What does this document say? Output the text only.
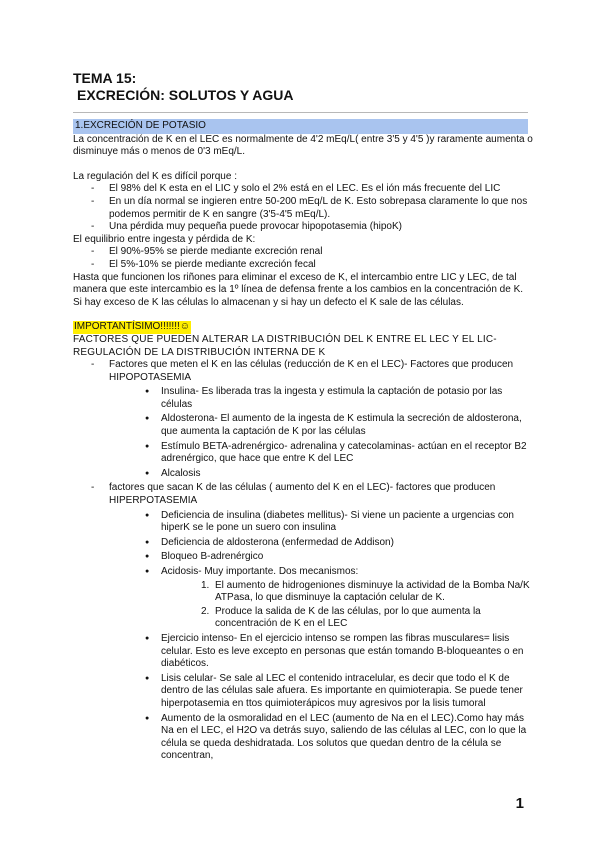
TEMA 15:
EXCRECIÓN: SOLUTOS Y AGUA
1.EXCRECIÓN DE POTASIO

La concentración de K en el LEC es normalmente de 4'2 mEq/L( entre 3'5 y 4'5 )y raramente aumenta o disminuye más o menos de 0'3 mEq/L.

La regulación del K es difícil porque :

- El 98% del K esta en el LIC y solo el 2% está en el LEC. Es el ión más frecuente del LIC
- En un día normal se ingieren entre 50-200 mEq/L de K. Esto sobrepasa claramente lo que nos podemos permitir de K en sangre (3'5-4'5 mEq/L).
- Una pérdida muy pequeña puede provocar hipopotasemia (hipoK)

El equilibrio entre ingesta y pérdida de K:

- El 90%-95% se pierde mediante excreción renal
- El 5%-10% se pierde mediante excreción fecal

Hasta que funcionen los riñones para eliminar el exceso de K, el intercambio entre LIC y LEC, de tal manera que este intercambio es la 1º línea de defensa frente a los cambios en la concentración de K. Si hay exceso de K las células lo almacenan y si hay un defecto el K sale de las células.

IMPORTANTÍSIMO!!!!!!!☺

FACTORES QUE PUEDEN ALTERAR LA DISTRIBUCIÓN DEL K ENTRE EL LEC Y EL LIC- REGULACIÓN DE LA DISTRIBUCIÓN INTERNA DE K

- Factores que meten el K en las células (reducción de K en el LEC)- Factores que producen HIPOPOTASEMIA
● Insulina- Es liberada tras la ingesta y estimula la captación de potasio por las células
● Aldosterona- El aumento de la ingesta de K estimula la secreción de aldosterona, que aumenta la captación de K por las células
● Estímulo BETA-adrenérgico- adrenalina y catecolaminas- actúan en el receptor B2 adrenérgico, que hace que entre K del LEC
● Alcalosis
- factores que sacan K de las células ( aumento del K en el LEC)- factores que producen HIPERPOTASEMIA
● Deficiencia de insulina (diabetes mellitus)- Si viene un paciente a urgencias con hiperK se le pone un suero con insulina
● Deficiencia de aldosterona (enfermedad de Addison)
● Bloqueo B-adrenérgico
● Acidosis- Muy importante. Dos mecanismos:
1. El aumento de hidrogeniones disminuye la actividad de la Bomba Na/K ATPasa, lo que disminuye la captación celular de K.
2. Produce la salida de K de las células, por lo que aumenta la concentración de K en el LEC
● Ejercicio intenso- En el ejercicio intenso se rompen las fibras musculares= lisis celular. Esto es leve excepto en personas que están tomando B-bloqueantes o en diabéticos.
● Lisis celular- Se sale al LEC el contenido intracelular, es decir que todo el K de dentro de las células sale afuera. Es importante en quimioterapia. Se puede tener hiperpotasemia en ttos quimioterápicos muy agresivos por la lisis tumoral
● Aumento de la osmoralidad en el LEC (aumento de Na en el LEC).Como hay más Na en el LEC, el H2O va detrás suyo, saliendo de las células al LEC, con lo que la célula se queda deshidratada. Los solutos que quedan dentro de la célula se concentran,
1
